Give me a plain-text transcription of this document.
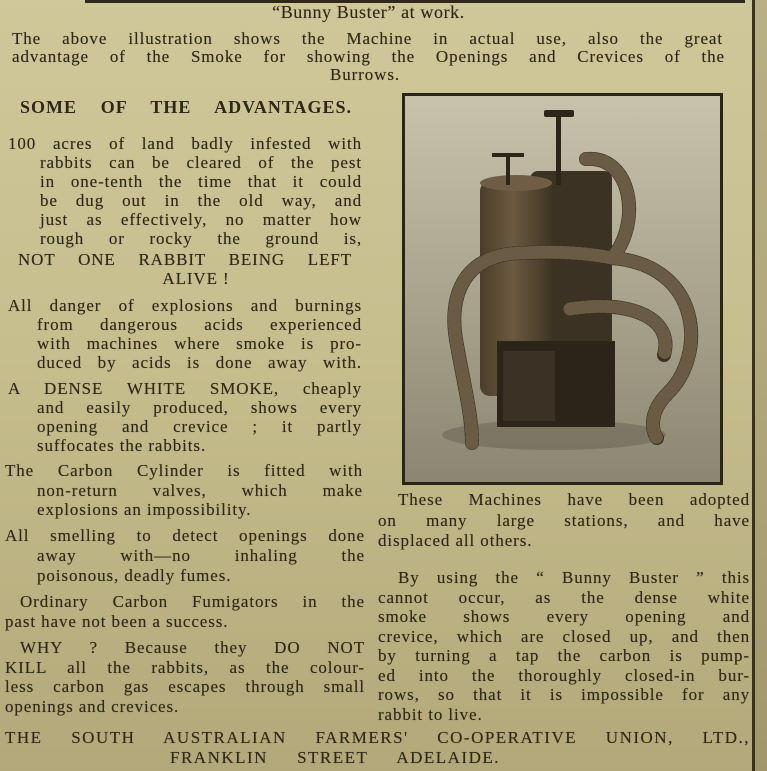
“Bunny Buster” at work.
The above illustration shows the Machine in actual use, also the great
advantage of the Smoke for showing the Openings and Crevices of the
Burrows.
SOME OF THE ADVANTAGES.
100 acres of land badly infested with
rabbits can be cleared of the pest
in one-tenth the time that it could
be dug out in the old way, and
just as effectively, no matter how
rough or rocky the ground is,
NOT ONE RABBIT BEING LEFT
ALIVE !
All danger of explosions and burnings
from dangerous acids experienced
with machines where smoke is pro-
duced by acids is done away with.
A DENSE WHITE SMOKE, cheaply
and easily produced, shows every
opening and crevice ; it partly
suffocates the rabbits.
The Carbon Cylinder is fitted with
non-return valves, which make
explosions an impossibility.
All smelling to detect openings done
away with—no inhaling the
poisonous, deadly fumes.
Ordinary Carbon Fumigators in the
past have not been a success.
WHY ? Because they DO NOT
KILL all the rabbits, as the colour-
less carbon gas escapes through small
openings and crevices.
These Machines have been adopted
on many large stations, and have
displaced all others.
By using the “ Bunny Buster ” this
cannot occur, as the dense white
smoke shows every opening and
crevice, which are closed up, and then
by turning a tap the carbon is pump-
ed into the thoroughly closed-in bur-
rows, so that it is impossible for any
rabbit to live.
THE SOUTH AUSTRALIAN FARMERS' CO-OPERATIVE UNION, LTD.,
FRANKLIN STREET ADELAIDE.
